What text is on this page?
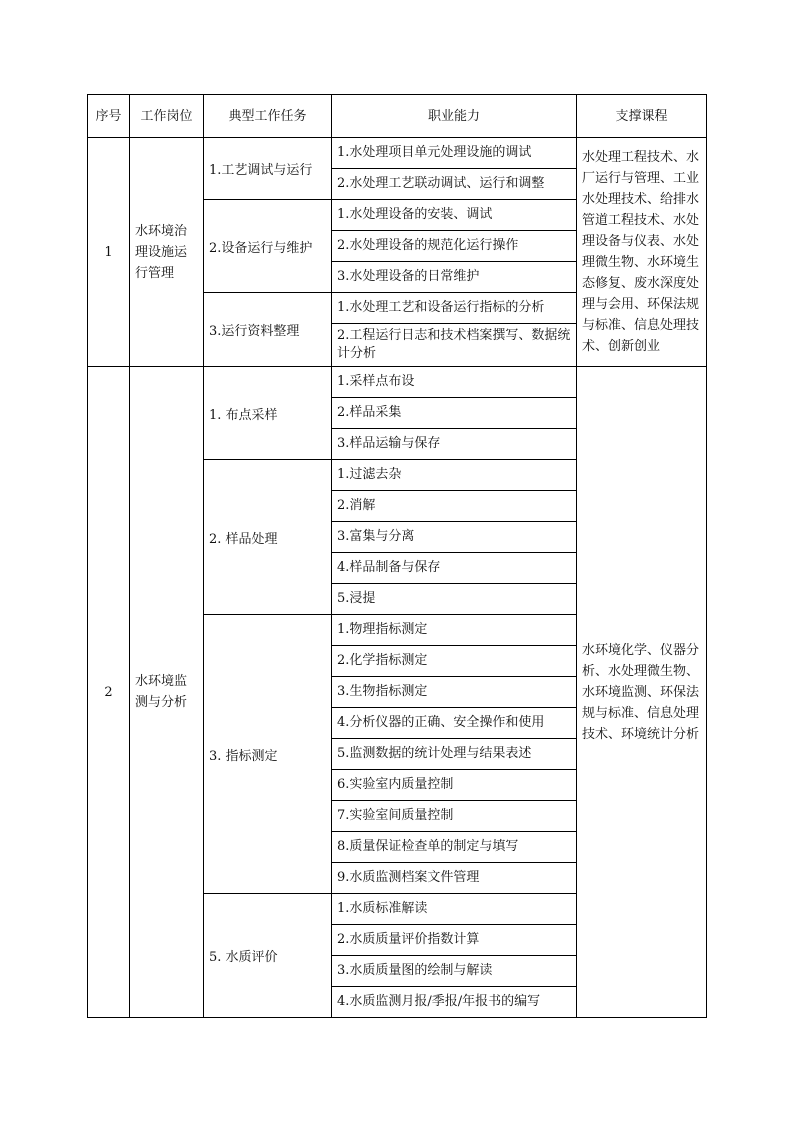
序号	工作岗位	典型工作任务	职业能力	支撑课程
1	水环境治理设施运行管理	1.工艺调试与运行	1.水处理项目单元处理设施的调试	水处理工程技术、水厂运行与管理、工业水处理技术、给排水管道工程技术、水处理设备与仪表、水处理微生物、水环境生态修复、废水深度处理与会用、环保法规与标准、信息处理技术、创新创业
			2.水处理工艺联动调试、运行和调整	
		2.设备运行与维护	1.水处理设备的安装、调试	
			2.水处理设备的规范化运行操作	
			3.水处理设备的日常维护	
		3.运行资料整理	1.水处理工艺和设备运行指标的分析	
			2.工程运行日志和技术档案撰写、数据统计分析	
2	水环境监测与分析	1. 布点采样	1.采样点布设	水环境化学、仪器分析、水处理微生物、水环境监测、环保法规与标准、信息处理技术、环境统计分析
			2.样品采集	
			3.样品运输与保存	
		2. 样品处理	1.过滤去杂	
			2.消解	
			3.富集与分离	
			4.样品制备与保存	
			5.浸提	
		3. 指标测定	1.物理指标测定	
			2.化学指标测定	
			3.生物指标测定	
			4.分析仪器的正确、安全操作和使用	
			5.监测数据的统计处理与结果表述	
			6.实验室内质量控制	
			7.实验室间质量控制	
			8.质量保证检查单的制定与填写	
			9.水质监测档案文件管理	
		5. 水质评价	1.水质标准解读	
			2.水质质量评价指数计算	
			3.水质质量图的绘制与解读	
			4.水质监测月报/季报/年报书的编写	
